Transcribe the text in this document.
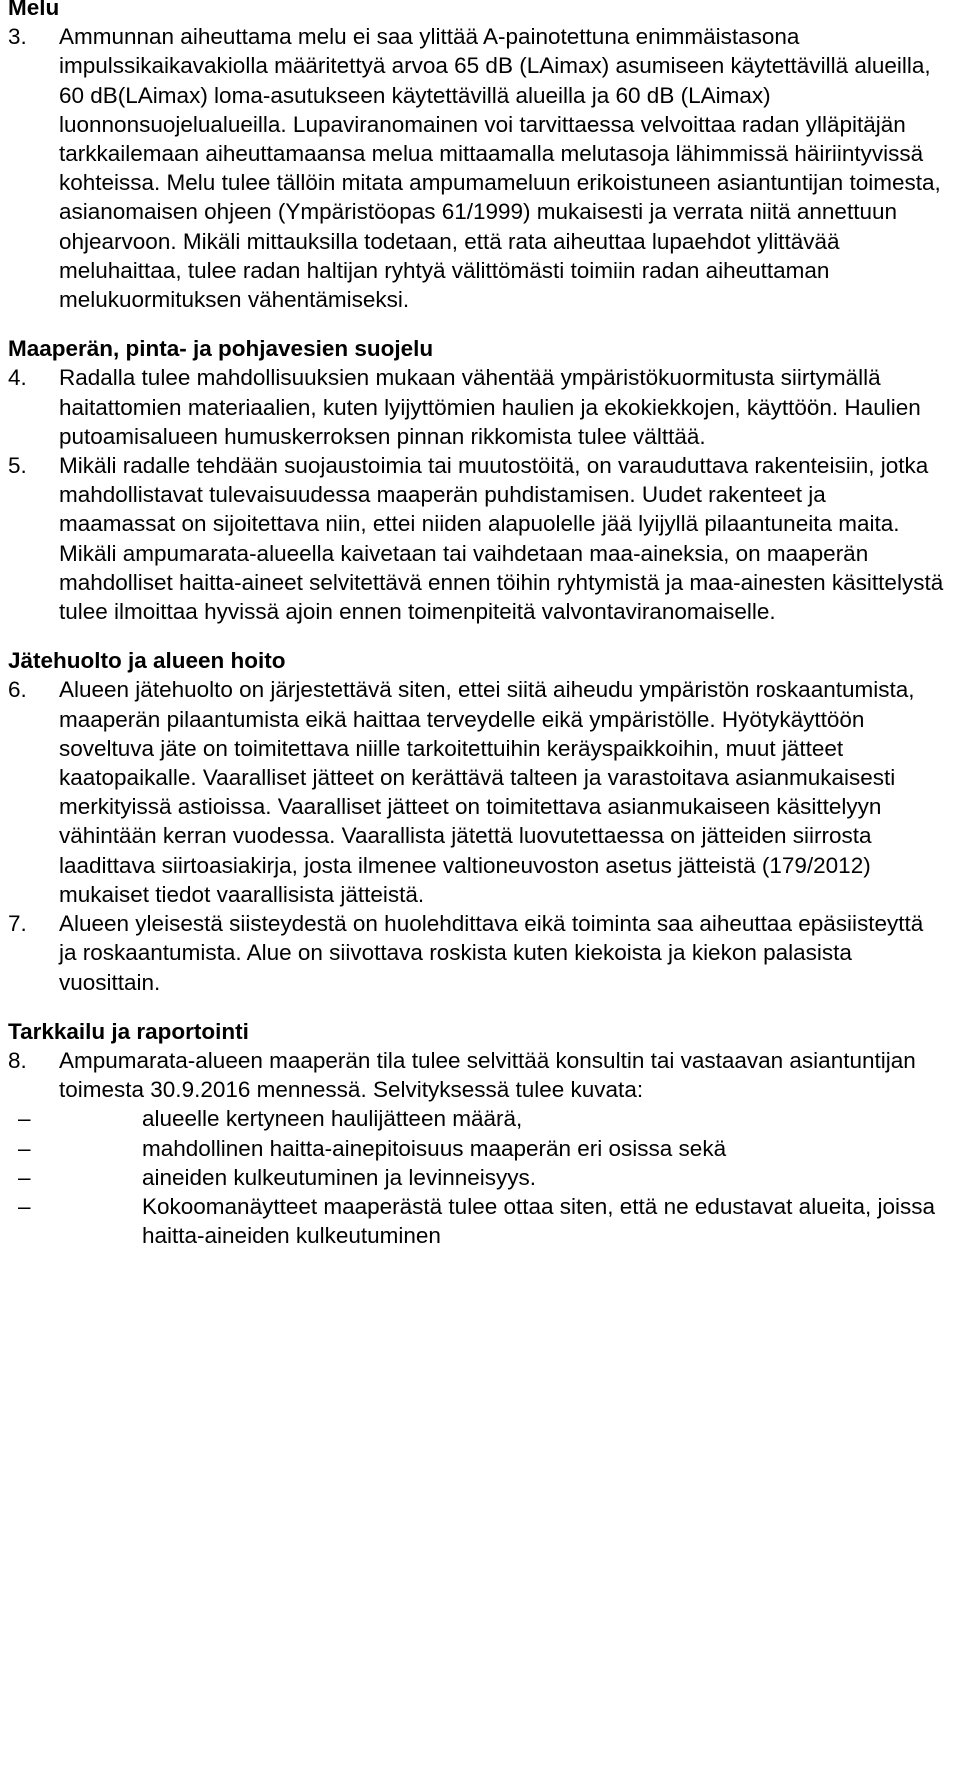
Melu
3.	Ammunnan aiheuttama melu ei saa ylittää A-painotettuna enimmäistasona impulssikaikavakiolla määritettyä arvoa 65 dB (LAimax) asumiseen käytettävillä alueilla, 60 dB(LAimax) loma-asutukseen käytettävillä alueilla ja 60 dB (LAimax) luonnonsuojelualueilla. Lupaviranomainen voi tarvittaessa velvoittaa radan ylläpitäjän tarkkailemaan aiheuttamaansa melua mittaamalla melutasoja lähimmissä häiriintyvissä kohteissa. Melu tulee tällöin mitata ampumameluun erikoistuneen asiantuntijan toimesta, asianomaisen ohjeen (Ympäristöopas 61/1999) mukaisesti ja verrata niitä annettuun ohjearvoon. Mikäli mittauksilla todetaan, että rata aiheuttaa lupaehdot ylittävää meluhaittaa, tulee radan haltijan ryhtyä välittömästi toimiin radan aiheuttaman melukuormituksen vähentämiseksi.
Maaperän, pinta- ja pohjavesien suojelu
4.	Radalla tulee mahdollisuuksien mukaan vähentää ympäristökuormitusta siirtymällä haitattomien materiaalien, kuten lyijyttömien haulien ja ekokiekkojen, käyttöön. Haulien putoamisalueen humuskerroksen pinnan rikkomista tulee välttää.
5.	Mikäli radalle tehdään suojaustoimia tai muutostöitä, on varauduttava rakenteisiin, jotka mahdollistavat tulevaisuudessa maaperän puhdistamisen. Uudet rakenteet ja maamassat on sijoitettava niin, ettei niiden alapuolelle jää lyijyllä pilaantuneita maita. Mikäli ampumarata-alueella kaivetaan tai vaihdetaan maa-aineksia, on maaperän mahdolliset haitta-aineet selvitettävä ennen töihin ryhtymistä ja maa-ainesten käsittelystä tulee ilmoittaa hyvissä ajoin ennen toimenpiteitä valvontaviranomaiselle.
Jätehuolto ja alueen hoito
6.	Alueen jätehuolto on järjestettävä siten, ettei siitä aiheudu ympäristön roskaantumista, maaperän pilaantumista eikä haittaa terveydelle eikä ympäristölle. Hyötykäyttöön soveltuva jäte on toimitettava niille tarkoitettuihin keräyspaikkoihin, muut jätteet kaatopaikalle. Vaaralliset jätteet on kerättävä talteen ja varastoitava asianmukaisesti merkityissä astioissa. Vaaralliset jätteet on toimitettava asianmukaiseen käsittelyyn vähintään kerran vuodessa. Vaarallista jätettä luovutettaessa on jätteiden siirrosta laadittava siirtoasiakirja, josta ilmenee valtioneuvoston asetus jätteistä (179/2012) mukaiset tiedot vaarallisista jätteistä.
7.	Alueen yleisestä siisteydestä on huolehdittava eikä toiminta saa aiheuttaa epäsiisteyttä ja roskaantumista. Alue on siivottava roskista kuten kiekoista ja kiekon palasista vuosittain.
Tarkkailu ja raportointi
8.	Ampumarata-alueen maaperän tila tulee selvittää konsultin tai vastaavan asiantuntijan toimesta 30.9.2016 mennessä. Selvityksessä tulee kuvata:
–	alueelle kertyneen haulijätteen määrä,
–	mahdollinen haitta-ainepitoisuus maaperän eri osissa sekä
–	aineiden kulkeutuminen ja levinneisyys.
–	Kokoomanäytteet maaperästä tulee ottaa siten, että ne edustavat alueita, joissa haitta-aineiden kulkeutuminen
